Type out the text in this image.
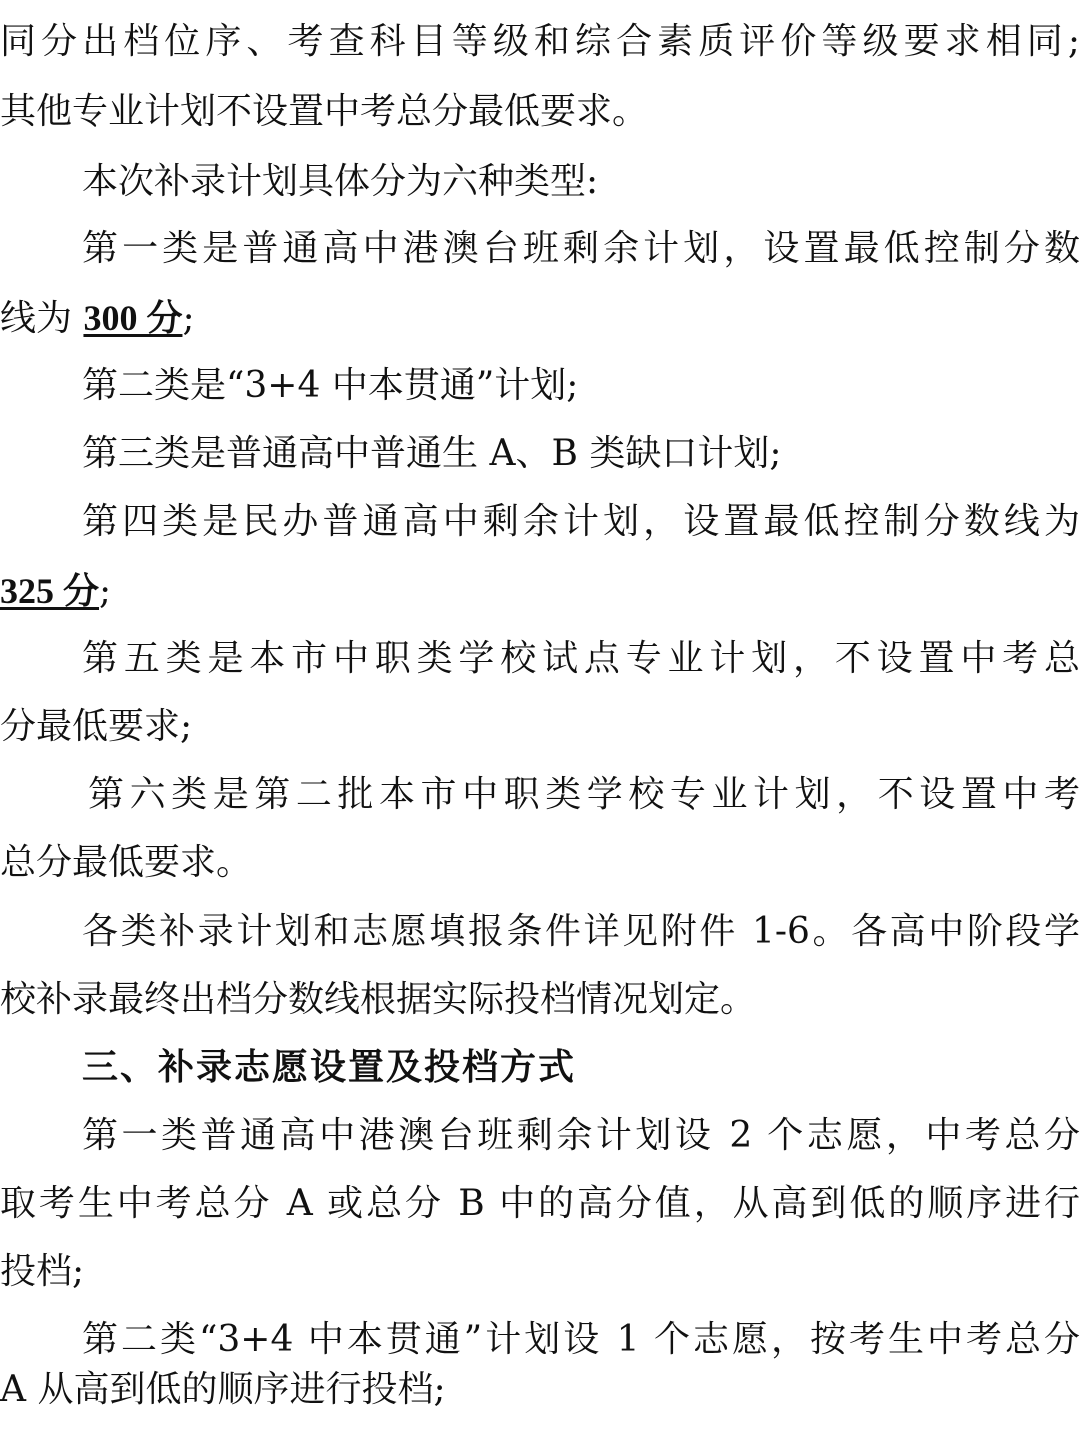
同分出档位序、考查科目等级和综合素质评价等级要求相同;
其他专业计划不设置中考总分最低要求。
本次补录计划具体分为六种类型:
第一类是普通高中港澳台班剩余计划，设置最低控制分数
线为 300 分;
第二类是“3+4 中本贯通”计划;
第三类是普通高中普通生 A、B 类缺口计划;
第四类是民办普通高中剩余计划，设置最低控制分数线为
325 分;
第五类是本市中职类学校试点专业计划，不设置中考总
分最低要求;
第六类是第二批本市中职类学校专业计划，不设置中考
总分最低要求。
各类补录计划和志愿填报条件详见附件 1-6。各高中阶段学
校补录最终出档分数线根据实际投档情况划定。
三、补录志愿设置及投档方式
第一类普通高中港澳台班剩余计划设 2 个志愿，中考总分
取考生中考总分 A 或总分 B 中的高分值，从高到低的顺序进行
投档;
第二类“3+4 中本贯通”计划设 1 个志愿，按考生中考总分
A 从高到低的顺序进行投档;
